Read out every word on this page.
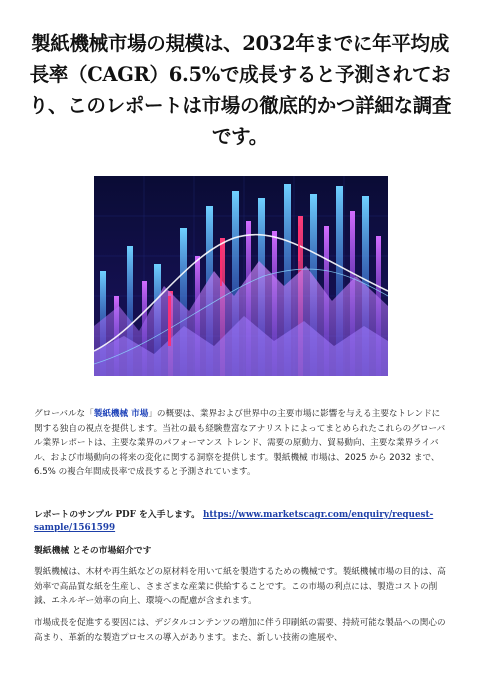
製紙機械市場の規模は、2032年までに年平均成長率（CAGR）6.5%で成長すると予測されており、このレポートは市場の徹底的かつ詳細な調査です。

グローバルな「製紙機械 市場」の概要は、業界および世界中の主要市場に影響を与える主要なトレンドに関する独自の視点を提供します。当社の最も経験豊富なアナリストによってまとめられたこれらのグローバル業界レポートは、主要な業界のパフォーマンス トレンド、需要の原動力、貿易動向、主要な業界ライバル、および市場動向の将来の変化に関する洞察を提供します。製紙機械 市場は、2025 から 2032 まで、6.5% の複合年間成長率で成長すると予測されています。

レポートのサンプル PDF を入手します。 https://www.marketscagr.com/enquiry/request-sample/1561599

製紙機械 とその市場紹介です

製紙機械は、木材や再生紙などの原材料を用いて紙を製造するための機械です。製紙機械市場の目的は、高効率で高品質な紙を生産し、さまざまな産業に供給することです。この市場の利点には、製造コストの削減、エネルギー効率の向上、環境への配慮が含まれます。

市場成長を促進する要因には、デジタルコンテンツの増加に伴う印刷紙の需要、持続可能な製品への関心の高まり、革新的な製造プロセスの導入があります。また、新しい技術の進展や、
